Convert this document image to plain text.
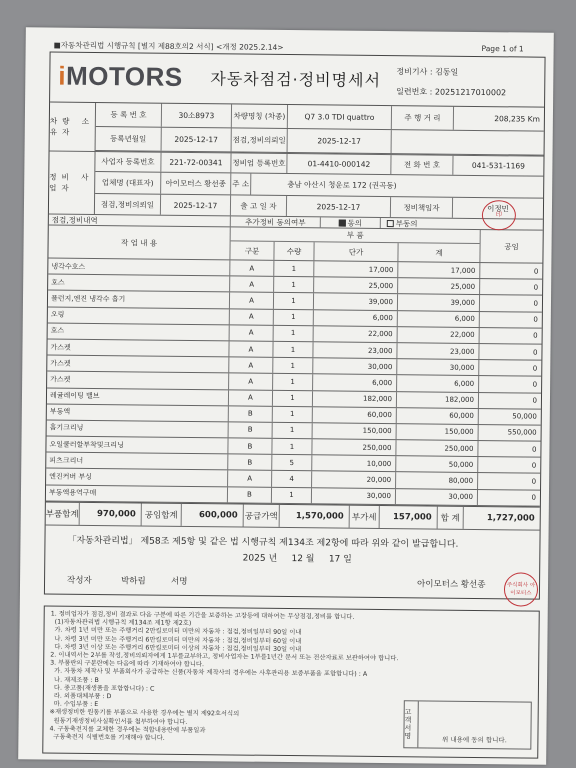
■자동차관리법 시행규칙 [별지 제88호의2 서식] <개정 2025.2.14>	Page 1 of 1
iMOTORS 자동차점검·정비명세서 정비기사 : 김동일
일련번호 : 20251217010002
차량 소유자
등 록 번 호	30소8973	차량명칭 (차종)	Q7 3.0 TDI quattro	주 행 거 리	208,235 Km
등록년월일	2025-12-17	점검,정비의뢰일	2025-12-17
정비 사업자
사업자 등록번호	221-72-00341	정비업 등록번호	01-4410-000142	전 화 번 호	041-531-1169
업체명 (대표자)	아이모터스 황선종 주 소	충남 아산시 청운로 172 (권곡동)
점검,정비의뢰일	2025-12-17	출 고 일 자	2025-12-17	정비책임자	이정민
점검,정비내역	추가정비 동의여부	동의	부동의
작 업 내 용
부 품
구분	수량	단가	계
공임
냉각수호스	A	1	17,000	17,000	0
호스	A	1	25,000	25,000	0
플런지,엔진 냉각수 흡기	A	1	39,000	39,000	0
오링	A	1	6,000	6,000	0
호스	A	1	22,000	22,000	0
가스켓	A	1	23,000	23,000	0
가스켓	A	1	30,000	30,000	0
가스켓	A	1	6,000	6,000	0
레귤레이팅 밸브	A	1	182,000	182,000	0
부동액	B	1	60,000	60,000	50,000
흡기크리닝	B	1	150,000	150,000	550,000
오일쿨러할부착및크리닝	B	1	250,000	250,000	0
피츠크리너	B	5	10,000	50,000	0
엔진커버 부싱	A	4	20,000	80,000	0
부동액용역구매	B	1	30,000	30,000	0
부품합계	970,000	공임합계	600,000 공급가액	1,570,000 부가세	157,000	합 계	1,727,000
「자동차관리법」 제58조 제5항 및 같은 법 시행규칙 제134조 제2항에 따라 위와 같이 발급합니다.
2025 년 12 월 17 일
작성자	박하림	서명	아이모터스 황선종
印
주식회사 아이모터스
1. 정비업자가 점검,정비 결과로 다음 구분에 따른 기간을 보증하는 고장등에 대하여는 무상점검,정비를 합니다.
(1)자동차관리법 시행규칙 제134조 제1항 제2호)
가. 차령 1년 미만 또는 주행거리 2만킬로미터 미만의 자동차 : 점검,정비일부터 90일 이내
나. 차령 3년 미만 또는 주행거리 6만킬로미터 미만의 자동차 : 점검,정비일부터 60일 이내
다. 차령 3년 이상 또는 주행거리 6만킬로미터 이상의 자동차 : 점검,정비일부터 30일 이내
2. 이내역서는 2부를 작성,정비의뢰자에게 1부를교부하고, 정비사업자는 1부를1년간 문서 또는 전산자료로 보관하여야 합니다.
3. 부품란의 구분란에는 다음에 따라 기재하여야 합니다.
가. 자동차 제작사 및 부품회사가 공급하는 신품(자동차 제작사의 경우에는 사후관리용 보증부품을 포함합니다) : A
나. 재제조품 : B
다. 중고품(재생품을 포함합니다) : C
라. 외품대체부품 : D
마. 수입부품 : E
※재생정비한 원동기를 부품으로 사용한 경우에는 별지 제92호서식의
원동기재생정비사실확인서를 첨부하여야 합니다.
4. 구동축전지를 교체한 경우에는 적합내용란에 부품일과
구동축전지 식별번호를 기재해야 합니다.
고객서명	위 내용에 동의 합니다.
